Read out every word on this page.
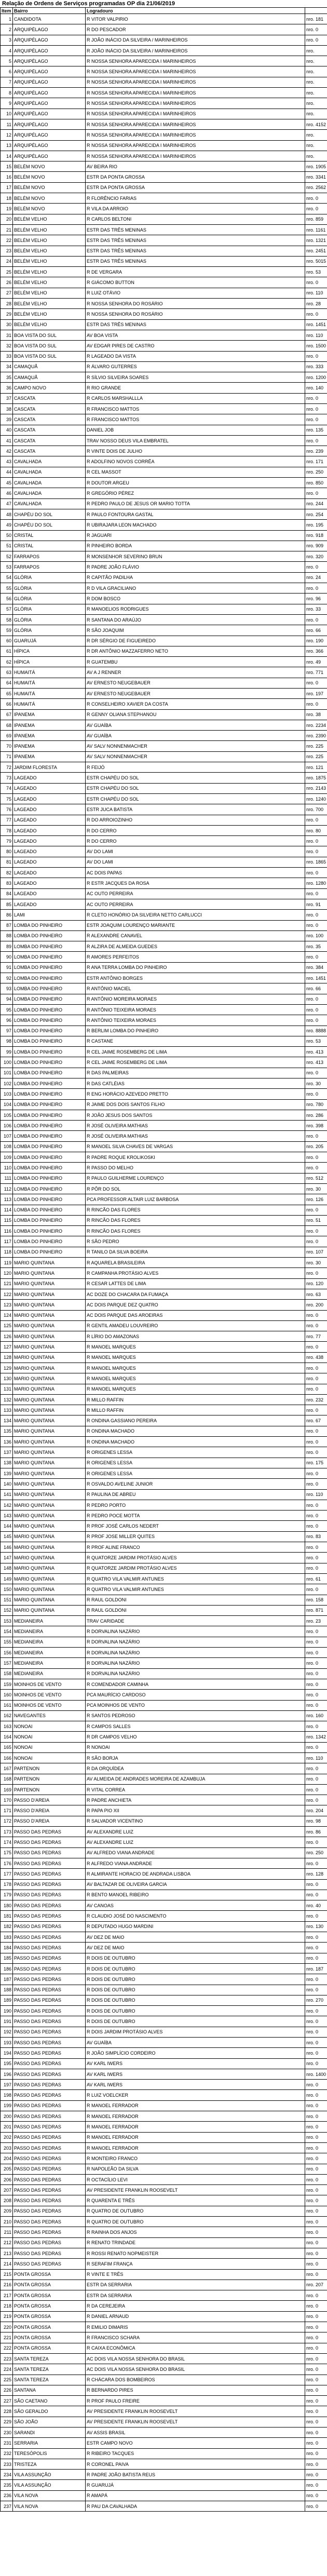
Relação de Ordens de Serviços programadas OP dia 21/06/2019
Item	Bairro	Logradouro	
1	CANDIDOTA	R VITOR VALPIRIO	nro. 181
2	ARQUIPÉLAGO	R DO PESCADOR	nro. 0
3	ARQUIPÉLAGO	R JOÃO INÁCIO DA SILVEIRA / MARINHEIROS	nro. 0
4	ARQUIPÉLAGO	R JOÃO INÁCIO DA SILVEIRA / MARINHEIROS	nro.
5	ARQUIPÉLAGO	R NOSSA SENHORA APARECIDA I MARINHEIROS	nro.
6	ARQUIPÉLAGO	R NOSSA SENHORA APARECIDA I MARINHEIROS	nro.
7	ARQUIPÉLAGO	R NOSSA SENHORA APARECIDA I MARINHEIROS	nro.
8	ARQUIPÉLAGO	R NOSSA SENHORA APARECIDA I MARINHEIROS	nro.
9	ARQUIPÉLAGO	R NOSSA SENHORA APARECIDA I MARINHEIROS	nro.
10	ARQUIPÉLAGO	R NOSSA SENHORA APARECIDA I MARINHEIROS	nro.
11	ARQUIPÉLAGO	R NOSSA SENHORA APARECIDA I MARINHEIROS	nro. 4152
12	ARQUIPÉLAGO	R NOSSA SENHORA APARECIDA I MARINHEIROS	nro.
13	ARQUIPÉLAGO	R NOSSA SENHORA APARECIDA I MARINHEIROS	nro.
14	ARQUIPÉLAGO	R NOSSA SENHORA APARECIDA I MARINHEIROS	nro.
15	BELÉM NOVO	AV BEIRA RIO	nro. 1905
16	BELÉM NOVO	ESTR DA PONTA GROSSA	nro. 3341
17	BELÉM NOVO	ESTR DA PONTA GROSSA	nro. 2562
18	BELÉM NOVO	R FLORÊNCIO FARIAS	nro. 0
19	BELÉM NOVO	R VILA DA ARROIO	nro. 0
20	BELÉM VELHO	R CARLOS BELTONI	nro. 859
21	BELÉM VELHO	ESTR DAS TRÊS MENINAS	nro. 1161
22	BELÉM VELHO	ESTR DAS TRÊS MENINAS	nro. 1321
23	BELÉM VELHO	ESTR DAS TRÊS MENINAS	nro. 2451
24	BELÉM VELHO	ESTR DAS TRÊS MENINAS	nro. 5015
25	BELÉM VELHO	R DE VERGARA	nro. 53
26	BELÉM VELHO	R GIÁCOMO BUTTON	nro. 0
27	BELÉM VELHO	R LUIZ OTÁVIO	nro. 110
28	BELÉM VELHO	R NOSSA SENHORA DO ROSÁRIO	nro. 28
29	BELÉM VELHO	R NOSSA SENHORA DO ROSÁRIO	nro. 0
30	BELÉM VELHO	ESTR DAS TRÊS MENINAS	nro. 1451
31	BOA VISTA DO SUL	AV BOA VISTA	nro. 110
32	BOA VISTA DO SUL	AV EDGAR PIRES DE CASTRO	nro. 1500
33	BOA VISTA DO SUL	R LAGEADO DA VISTA	nro. 0
34	CAMAQUÃ	R ÁLVARO GUTERRES	nro. 333
35	CAMAQUÃ	R SÍLVIO SILVEIRA SOARES	nro. 1200
36	CAMPO NOVO	R RIO GRANDE	nro. 140
37	CASCATA	R CARLOS MARSHALLLA	nro. 0
38	CASCATA	R FRANCISCO MATTOS	nro. 0
39	CASCATA	R FRANCISCO MATTOS	nro. 0
40	CASCATA	DANIEL JOB	nro. 135
41	CASCATA	TRAV NOSSO DEUS VILA EMBRATEL	nro. 0
42	CASCATA	R VINTE DOIS DE JULHO	nro. 239
43	CAVALHADA	R ADOLFINO NOVOS CORRÊA	nro. 171
44	CAVALHADA	R CEL MASSOT	nro. 250
45	CAVALHADA	R DOUTOR ARGEU	nro. 850
46	CAVALHADA	R GREGÓRIO PÉREZ	nro. 0
47	CAVALHADA	R PEDRO PAULO DE JESUS OR MARIO TOTTA	nro. 244
48	CHAPÉU DO SOL	R PAULO FONTOURA GASTAL	nro. 254
49	CHAPÉU DO SOL	R UBIRAJARA LEON MACHADO	nro. 195
50	CRISTAL	R JAGUARI	nro. 918
51	CRISTAL	R PINHEIRO BORDA	nro. 909
52	FARRAPOS	R MONSENHOR SEVERINO BRUN	nro. 320
53	FARRAPOS	R PADRE JOÃO FLÁVIO	nro. 0
54	GLÓRIA	R CAPITÃO PADILHA	nro. 24
55	GLÓRIA	R D VILA GRACILIANO	nro. 0
56	GLÓRIA	R DOM BOSCO	nro. 96
57	GLÓRIA	R MANOELIOS RODRIGUES	nro. 33
58	GLÓRIA	R SANTANA DO ARAÚJO	nro. 0
59	GLÓRIA	R SÃO JOAQUIM	nro. 66
60	GUARUJÁ	R DR SÉRGIO DE FIGUEIREDO	nro. 190
61	HÍPICA	R DR ANTÔNIO MAZZAFERRO NETO	nro. 366
62	HÍPICA	R GUATEMBU	nro. 49
63	HUMAITÁ	AV A J RENNER	nro. 771
64	HUMAITÁ	AV ERNESTO NEUGEBAUER	nro. 0
65	HUMAITÁ	AV ERNESTO NEUGEBAUER	nro. 197
66	HUMAITÁ	R CONSELHEIRO XAVIER DA COSTA	nro. 0
67	IPANEMA	R GENNY OLIANA STEPHANOU	nro. 38
68	IPANEMA	AV GUAÍBA	nro. 2234
69	IPANEMA	AV GUAÍBA	nro. 2390
70	IPANEMA	AV SALV NONNENMACHER	nro. 225
71	IPANEMA	AV SALV NONNENMACHER	nro. 225
72	JARDIM FLORESTA	R FEIJÓ	nro. 121
73	LAGEADO	ESTR CHAPÉU DO SOL	nro. 1875
74	LAGEADO	ESTR CHAPÉU DO SOL	nro. 2143
75	LAGEADO	ESTR CHAPÉU DO SOL	nro. 1240
76	LAGEADO	ESTR JUCA BATISTA	nro. 700
77	LAGEADO	R DO ARROIOZINHO	nro. 0
78	LAGEADO	R DO CERRO	nro. 80
79	LAGEADO	R DO CERRO	nro. 0
80	LAGEADO	AV DO LAMI	nro. 0
81	LAGEADO	AV DO LAMI	nro. 1865
82	LAGEADO	AC DOIS PAPAS	nro. 0
83	LAGEADO	R ESTR JACQUES DA ROSA	nro. 1280
84	LAGEADO	AC OUTO PERREIRA	nro. 0
85	LAGEADO	AC OUTO PERREIRA	nro. 91
86	LAMI	R CLETO HONÓRIO DA SILVEIRA NETTO CARLUCCI	nro. 0
87	LOMBA DO PINHEIRO	ESTR JOAQUIM LOURENÇO MARIANTE	nro. 0
88	LOMBA DO PINHEIRO	R ALEXANDRE CANAVEL	nro. 100
89	LOMBA DO PINHEIRO	R ALZIRA DE ALMEIDA GUEDES	nro. 35
90	LOMBA DO PINHEIRO	R AMORES PERFEITOS	nro. 0
91	LOMBA DO PINHEIRO	R ANA TERRA LOMBA DO PINHEIRO	nro. 384
92	LOMBA DO PINHEIRO	ESTR ANTÔNIO BORGES	nro. 1451
93	LOMBA DO PINHEIRO	R ANTÔNIO MACIEL	nro. 66
94	LOMBA DO PINHEIRO	R ANTÔNIO MOREIRA MORAES	nro. 0
95	LOMBA DO PINHEIRO	R ANTÔNIO TEIXEIRA MORAES	nro. 0
96	LOMBA DO PINHEIRO	R ANTÔNIO TEIXEIRA MORAES	nro. 0
97	LOMBA DO PINHEIRO	R BERLIM LOMBA DO PINHEIRO	nro. 8888
98	LOMBA DO PINHEIRO	R CASTANE	nro. 53
99	LOMBA DO PINHEIRO	R CEL JAIME ROSEMBERG DE LIMA	nro. 413
100	LOMBA DO PINHEIRO	R CEL JAIME ROSEMBERG DE LIMA	nro. 413
101	LOMBA DO PINHEIRO	R DAS PALMEIRAS	nro. 0
102	LOMBA DO PINHEIRO	R DAS CATLÉIAS	nro. 30
103	LOMBA DO PINHEIRO	R ENG HORÁCIO AZEVEDO PRETTO	nro. 0
104	LOMBA DO PINHEIRO	R JAIME DOS DOIS SANTOS FILHO	nro. 780
105	LOMBA DO PINHEIRO	R JOÃO JESUS DOS SANTOS	nro. 286
106	LOMBA DO PINHEIRO	R JOSÉ OLIVEIRA MATHIAS	nro. 398
107	LOMBA DO PINHEIRO	R JOSÉ OLIVEIRA MATHIAS	nro. 0
108	LOMBA DO PINHEIRO	R MANOEL SILVA CHAVES DE VARGAS	nro. 205
109	LOMBA DO PINHEIRO	R PADRE ROQUE KROLIKOSKI	nro. 0
110	LOMBA DO PINHEIRO	R PASSO DO MELHO	nro. 0
111	LOMBA DO PINHEIRO	R PAULO GUILHERME LOURENÇO	nro. 512
112	LOMBA DO PINHEIRO	R PÔR DO SOL	nro. 30
113	LOMBA DO PINHEIRO	PCA PROFESSOR ALTAIR LUIZ BARBOSA	nro. 126
114	LOMBA DO PINHEIRO	R RINCÃO DAS FLORES	nro. 0
115	LOMBA DO PINHEIRO	R RINCÃO DAS FLORES	nro. 51
116	LOMBA DO PINHEIRO	R RINCÃO DAS FLORES	nro. 0
117	LOMBA DO PINHEIRO	R SÃO PEDRO	nro. 0
118	LOMBA DO PINHEIRO	R TANILO DA SILVA BOEIRA	nro. 107
119	MARIO QUINTANA	R AQUARELA BRASILEIRA	nro. 30
120	MARIO QUINTANA	R CAMPANHA PROTÁSIO ALVES	nro. 0
121	MARIO QUINTANA	R CESAR LATTES DE LIMA	nro. 120
122	MARIO QUINTANA	AC DOZE DO CHACARA DA FUMAÇA	nro. 63
123	MARIO QUINTANA	AC DOIS PARQUE DEZ QUATRO	nro. 200
124	MARIO QUINTANA	AC DOIS PARQUE DAS AROEIRAS	nro. 0
125	MARIO QUINTANA	R GENTIL AMADEU LOUVREIRO	nro. 0
126	MARIO QUINTANA	R LÍRIO DO AMAZONAS	nro. 77
127	MARIO QUINTANA	R MANOEL MARQUES	nro. 0
128	MARIO QUINTANA	R MANOEL MARQUES	nro. 438
129	MARIO QUINTANA	R MANOEL MARQUES	nro. 0
130	MARIO QUINTANA	R MANOEL MARQUES	nro. 0
131	MARIO QUINTANA	R MANOEL MARQUES	nro. 0
132	MARIO QUINTANA	R MILLO RAFFIN	nro. 232
133	MARIO QUINTANA	R MILLO RAFFIN	nro. 0
134	MARIO QUINTANA	R ONDINA GASSIANO PEREIRA	nro. 67
135	MARIO QUINTANA	R ONDINA MACHADO	nro. 0
136	MARIO QUINTANA	R ONDINA MACHADO	nro. 0
137	MARIO QUINTANA	R ORIGENES LESSA	nro. 0
138	MARIO QUINTANA	R ORIGENES LESSA	nro. 175
139	MARIO QUINTANA	R ORIGENES LESSA	nro. 0
140	MARIO QUINTANA	R OSVALDO AVELINE JUNIOR	nro. 0
141	MARIO QUINTANA	R PAULINA DE ABREU	nro. 110
142	MARIO QUINTANA	R PEDRO PORTO	nro. 0
143	MARIO QUINTANA	R PEDRO POCE MOTTA	nro. 0
144	MARIO QUINTANA	R PROF JOSÉ CARLOS NEDERT	nro. 0
145	MARIO QUINTANA	R PROF JOSE MILLER QUITES	nro. 83
146	MARIO QUINTANA	R PROF ALINE FRANCO	nro. 0
147	MARIO QUINTANA	R QUATORZE JARDIM PROTÁSIO ALVES	nro. 0
148	MARIO QUINTANA	R QUATORZE JARDIM PROTÁSIO ALVES	nro. 0
149	MARIO QUINTANA	R QUATRO VILA VALMIR ANTUNES	nro. 61
150	MARIO QUINTANA	R QUATRO VILA VALMIR ANTUNES	nro. 0
151	MARIO QUINTANA	R RAUL GOLDONI	nro. 158
152	MARIO QUINTANA	R RAUL GOLDONI	nro. 871
153	MEDIANEIRA	TRAV CARIDADE	nro. 23
154	MEDIANEIRA	R DORVALINA NAZÁRIO	nro. 0
155	MEDIANEIRA	R DORVALINA NAZÁRIO	nro. 0
156	MEDIANEIRA	R DORVALINA NAZÁRIO	nro. 0
157	MEDIANEIRA	R DORVALINA NAZÁRIO	nro. 0
158	MEDIANEIRA	R DORVALINA NAZÁRIO	nro. 0
159	MOINHOS DE VENTO	R COMENDADOR CAMINHA	nro. 0
160	MOINHOS DE VENTO	PCA MAURÍCIO CARDOSO	nro. 0
161	MOINHOS DE VENTO	PCA MOINHOS DE VENTO	nro. 0
162	NAVEGANTES	R SANTOS PEDROSO	nro. 160
163	NONOAI	R CAMPOS SALLES	nro. 0
164	NONOAI	R DR CAMPOS VELHO	nro. 1342
165	NONOAI	R NONOAI	nro. 0
166	NONOAI	R SÃO BORJA	nro. 110
167	PARTENON	R DA ORQUÍDEA	nro. 0
168	PARTENON	AV ALMEIDA DE ANDRADES MOREIRA DE AZAMBUJA	nro. 0
169	PARTENON	R VITAL CORREA	nro. 0
170	PASSO D'AREIA	R PADRE ANCHIETA	nro. 0
171	PASSO D'AREIA	R PAPA PIO XII	nro. 204
172	PASSO D'AREIA	R SALVADOR VICENTINO	nro. 98
173	PASSO DAS PEDRAS	AV ALEXANDRE LUIZ	nro. 86
174	PASSO DAS PEDRAS	AV ALEXANDRE LUIZ	nro. 0
175	PASSO DAS PEDRAS	AV ALFREDO VIANA ANDRADE	nro. 250
176	PASSO DAS PEDRAS	R ALFREDO VIANA ANDRADE	nro. 0
177	PASSO DAS PEDRAS	R ALMIRANTE HORACIO DE ANDRADA LISBOA	nro. 128
178	PASSO DAS PEDRAS	AV BALTAZAR DE OLIVEIRA GARCIA	nro. 0
179	PASSO DAS PEDRAS	R BENTO MANOEL RIBEIRO	nro. 0
180	PASSO DAS PEDRAS	AV CANOAS	nro. 40
181	PASSO DAS PEDRAS	R CLAUDIO JOSÉ DO NASCIMENTO	nro. 0
182	PASSO DAS PEDRAS	R DEPUTADO HUGO MARDINI	nro. 130
183	PASSO DAS PEDRAS	AV DEZ DE MAIO	nro. 0
184	PASSO DAS PEDRAS	AV DEZ DE MAIO	nro. 0
185	PASSO DAS PEDRAS	R DOIS DE OUTUBRO	nro. 0
186	PASSO DAS PEDRAS	R DOIS DE OUTUBRO	nro. 187
187	PASSO DAS PEDRAS	R DOIS DE OUTUBRO	nro. 0
188	PASSO DAS PEDRAS	R DOIS DE OUTUBRO	nro. 0
189	PASSO DAS PEDRAS	R DOIS DE OUTUBRO	nro. 270
190	PASSO DAS PEDRAS	R DOIS DE OUTUBRO	nro. 0
191	PASSO DAS PEDRAS	R DOIS DE OUTUBRO	nro. 0
192	PASSO DAS PEDRAS	R DOIS JARDIM PROTÁSIO ALVES	nro. 0
193	PASSO DAS PEDRAS	AV GUAÍBA	nro. 0
194	PASSO DAS PEDRAS	R JOÃO SIMPLÍCIO CORDEIRO	nro. 0
195	PASSO DAS PEDRAS	AV KARL IWERS	nro. 0
196	PASSO DAS PEDRAS	AV KARL IWERS	nro. 1400
197	PASSO DAS PEDRAS	AV KARL IWERS	nro. 0
198	PASSO DAS PEDRAS	R LUIZ VOELCKER	nro. 0
199	PASSO DAS PEDRAS	R MANOEL FERRADOR	nro. 0
200	PASSO DAS PEDRAS	R MANOEL FERRADOR	nro. 0
201	PASSO DAS PEDRAS	R MANOEL FERRADOR	nro. 0
202	PASSO DAS PEDRAS	R MANOEL FERRADOR	nro. 0
203	PASSO DAS PEDRAS	R MANOEL FERRADOR	nro. 0
204	PASSO DAS PEDRAS	R MONTEIRO FRANCO	nro. 0
205	PASSO DAS PEDRAS	R NAPOLEÃO DA SILVA	nro. 0
206	PASSO DAS PEDRAS	R OCTACÍLIO LEVI	nro. 0
207	PASSO DAS PEDRAS	AV PRESIDENTE FRANKLIN ROOSEVELT	nro. 0
208	PASSO DAS PEDRAS	R QUARENTA E TRÊS	nro. 0
209	PASSO DAS PEDRAS	R QUATRO DE OUTUBRO	nro. 0
210	PASSO DAS PEDRAS	R QUATRO DE OUTUBRO	nro. 0
211	PASSO DAS PEDRAS	R RAINHA DOS ANJOS	nro. 0
212	PASSO DAS PEDRAS	R RENATO TRINDADE	nro. 0
213	PASSO DAS PEDRAS	R ROSSI RENATO NOPMEISTER	nro. 0
214	PASSO DAS PEDRAS	R SERAFIM FRANÇA	nro. 0
215	PONTA GROSSA	R VINTE E TRÊS	nro. 0
216	PONTA GROSSA	ESTR DA SERRARIA	nro. 207
217	PONTA GROSSA	ESTR DA SERRARIA	nro. 0
218	PONTA GROSSA	R DA CEREJEIRA	nro. 0
219	PONTA GROSSA	R DANIEL ARNAUD	nro. 0
220	PONTA GROSSA	R EMILIO DIMARIS	nro. 0
221	PONTA GROSSA	R FRANCISCO SCHARA	nro. 0
222	PONTA GROSSA	R CAIXA ECONÔMICA	nro. 0
223	SANTA TEREZA	AC DOIS VILA NOSSA SENHORA DO BRASIL	nro. 0
224	SANTA TEREZA	AC DOIS VILA NOSSA SENHORA DO BRASIL	nro. 0
225	SANTA TEREZA	R CHÁCARA DOS BOMBEIROS	nro. 0
226	SANTANA	R BERNARDO PIRES	nro. 0
227	SÃO CAETANO	R PROF PAULO FREIRE	nro. 0
228	SÃO GERALDO	AV PRESIDENTE FRANKLIN ROOSEVELT	nro. 0
229	SÃO JOÃO	AV PRESIDENTE FRANKLIN ROOSEVELT	nro. 0
230	SARANDI	AV ASSIS BRASIL	nro. 0
231	SERRARIA	ESTR CAMPO NOVO	nro. 0
232	TERESÓPOLIS	R RIBEIRO TACQUES	nro. 0
233	TRISTEZA	R CORONEL PAIVA	nro. 0
234	VILA ASSUNÇÃO	R PADRE JOÃO BATISTA REUS	nro. 0
235	VILA ASSUNÇÃO	R GUARUJÁ	nro. 0
236	VILA NOVA	R AMAPÁ	nro. 0
237	VILA NOVA	R PAU DA CAVALHADA	nro. 0
